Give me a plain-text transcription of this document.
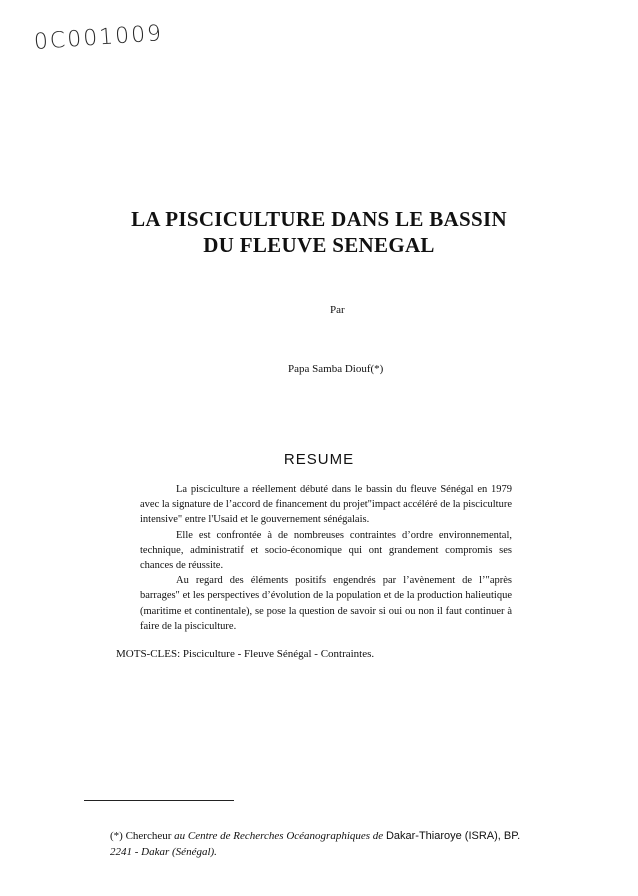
0C001009
LA PISCICULTURE DANS LE BASSIN
DU FLEUVE SENEGAL
Par
Papa Samba Diouf(*)
RESUME

La pisciculture a réellement débuté dans le bassin du fleuve Sénégal en 1979 avec la signature de l’accord de financement du projet"impact accéléré de la pisciculture intensive" entre l'Usaid et le gouvernement sénégalais.

Elle est confrontée à de nombreuses contraintes d’ordre environnemental, technique, administratif et socio-économique qui ont grandement compromis ses chances de réussite.

Au regard des éléments positifs engendrés par l’avènement de l’"après barrages" et les perspectives d’évolution de la population et de la production halieutique (maritime et continentale), se pose la question de savoir si oui ou non il faut continuer à faire de la pisciculture.

MOTS-CLES: Pisciculture - Fleuve Sénégal - Contraintes.
(*) Chercheur au Centre de Recherches Océanographiques de Dakar-Thiaroye (ISRA), BP.
2241 - Dakar (Sénégal).
